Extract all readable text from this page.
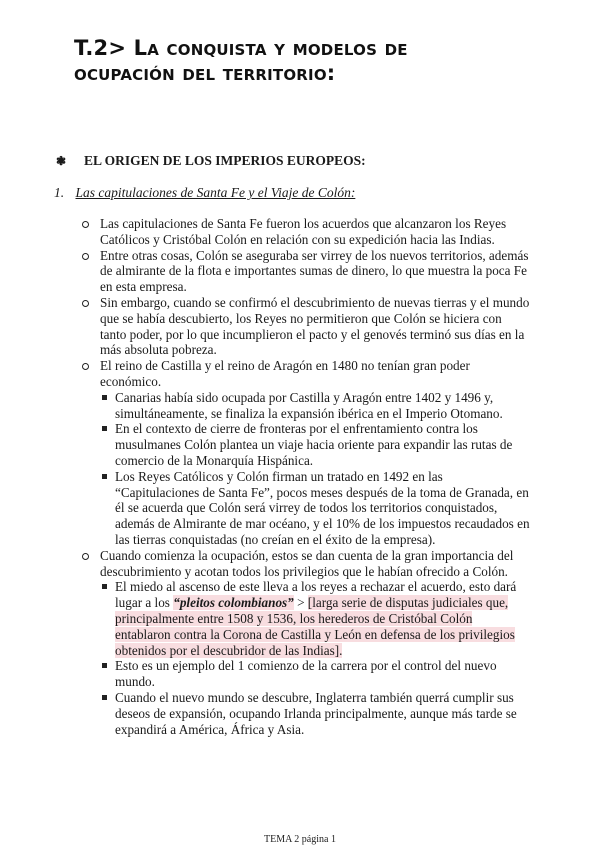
T.2> La conquista y modelos de
ocupación del territorio:
❃ EL ORIGEN DE LOS IMPERIOS EUROPEOS:
1. Las capitulaciones de Santa Fe y el Viaje de Colón:
Las capitulaciones de Santa Fe fueron los acuerdos que alcanzaron los Reyes Católicos y Cristóbal Colón en relación con su expedición hacia las Indias.
Entre otras cosas, Colón se aseguraba ser virrey de los nuevos territorios, además de almirante de la flota e importantes sumas de dinero, lo que muestra la poca Fe en esta empresa.
Sin embargo, cuando se confirmó el descubrimiento de nuevas tierras y el mundo que se había descubierto, los Reyes no permitieron que Colón se hiciera con tanto poder, por lo que incumplieron el pacto y el genovés terminó sus días en la más absoluta pobreza.
El reino de Castilla y el reino de Aragón en 1480 no tenían gran poder económico.
Canarias había sido ocupada por Castilla y Aragón entre 1402 y 1496 y, simultáneamente, se finaliza la expansión ibérica en el Imperio Otomano.
En el contexto de cierre de fronteras por el enfrentamiento contra los musulmanes Colón plantea un viaje hacia oriente para expandir las rutas de comercio de la Monarquía Hispánica.
Los Reyes Católicos y Colón firman un tratado en 1492 en las “Capitulaciones de Santa Fe”, pocos meses después de la toma de Granada, en él se acuerda que Colón será virrey de todos los territorios conquistados, además de Almirante de mar océano, y el 10% de los impuestos recaudados en las tierras conquistadas (no creían en el éxito de la empresa).
Cuando comienza la ocupación, estos se dan cuenta de la gran importancia del descubrimiento y acotan todos los privilegios que le habían ofrecido a Colón.
El miedo al ascenso de este lleva a los reyes a rechazar el acuerdo, esto dará lugar a los “pleitos colombianos” > [larga serie de disputas judiciales que, principalmente entre 1508 y 1536, los herederos de Cristóbal Colón entablaron contra la Corona de Castilla y León en defensa de los privilegios obtenidos por el descubridor de las Indias].
Esto es un ejemplo del 1 comienzo de la carrera por el control del nuevo mundo.
Cuando el nuevo mundo se descubre, Inglaterra también querrá cumplir sus deseos de expansión, ocupando Irlanda principalmente, aunque más tarde se expandirá a América, África y Asia.
TEMA 2 página 1
